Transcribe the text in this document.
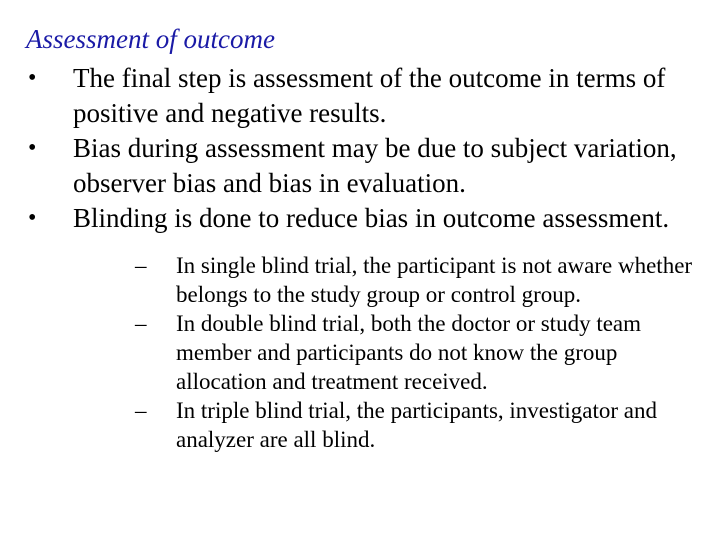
Assessment of outcome
•	The final step is assessment of the outcome in terms of positive and negative results.
•	Bias during assessment may be due to subject variation, observer bias and bias in evaluation.
•	Blinding is done to reduce bias in outcome assessment.
–	In single blind trial, the participant is not aware whether belongs to the study group or control group.
–	In double blind trial, both the doctor or study team member and participants do not know the group allocation and treatment received.
–	In triple blind trial, the participants, investigator and analyzer are all blind.
